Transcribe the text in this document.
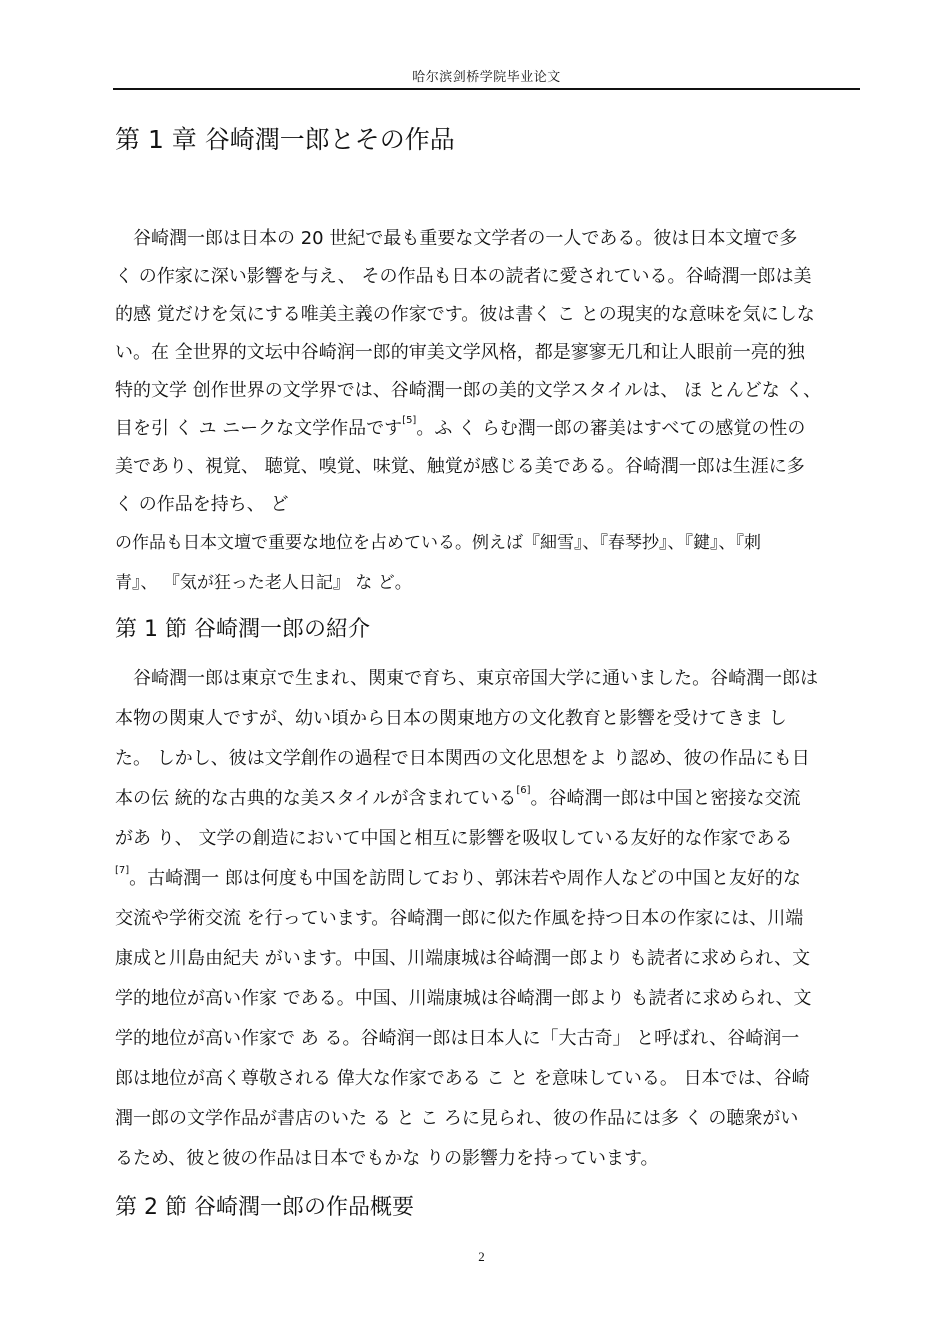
哈尔滨剑桥学院毕业论文
第 1 章 谷崎潤一郎とその作品
谷崎潤一郎は日本の 20 世紀で最も重要な文学者の一人である。彼は日本文壇で多
く の作家に深い影響を与え、 その作品も日本の読者に愛されている。谷崎潤一郎は美
的感 覚だけを気にする唯美主義の作家です。彼は書く こ との現実的な意味を気にしな
い。在 全世界的文坛中谷崎润一郎的审美文学风格，都是寥寥无几和让人眼前一亮的独
特的文学 创作世界の文学界では、谷崎潤一郎の美的文学スタイルは、 ほ とんどな く、
目を引 く ユ ニークな文学作品です[5]。ふ く らむ潤一郎の審美はすべての感覚の性の
美であり、視覚、 聴覚、嗅覚、味覚、触覚が感じる美である。谷崎潤一郎は生涯に多
く の作品を持ち、 ど
の作品も日本文壇で重要な地位を占めている。例えば『細雪』、『春琴抄』、『鍵』、『刺
青』、 『気が狂った老人日記』 な ど。
第 1 節 谷崎潤一郎の紹介
谷崎潤一郎は東京で生まれ、関東で育ち、東京帝国大学に通いました。谷崎潤一郎は
本物の関東人ですが、幼い頃から日本の関東地方の文化教育と影響を受けてきま し
た。 しかし、彼は文学創作の過程で日本関西の文化思想をよ り認め、彼の作品にも日
本の伝 統的な古典的な美スタイルが含まれている[6]。谷崎潤一郎は中国と密接な交流
があ り、 文学の創造において中国と相互に影響を吸収している友好的な作家である
[7]。古崎潤一 郎は何度も中国を訪問しており、郭沫若や周作人などの中国と友好的な
交流や学術交流 を行っています。谷崎潤一郎に似た作風を持つ日本の作家には、川端
康成と川島由紀夫 がいます。中国、川端康城は谷崎潤一郎より も読者に求められ、文
学的地位が高い作家 である。中国、川端康城は谷崎潤一郎より も読者に求められ、文
学的地位が高い作家で あ る。谷崎润一郎は日本人に「大古奇」 と呼ばれ、谷崎润一
郎は地位が高く尊敬される 偉大な作家である こ と を意味している。 日本では、谷崎
潤一郎の文学作品が書店のいた る と こ ろに見られ、彼の作品には多 く の聴衆がい
るため、彼と彼の作品は日本でもかな りの影響力を持っています。
第 2 節 谷崎潤一郎の作品概要
2
